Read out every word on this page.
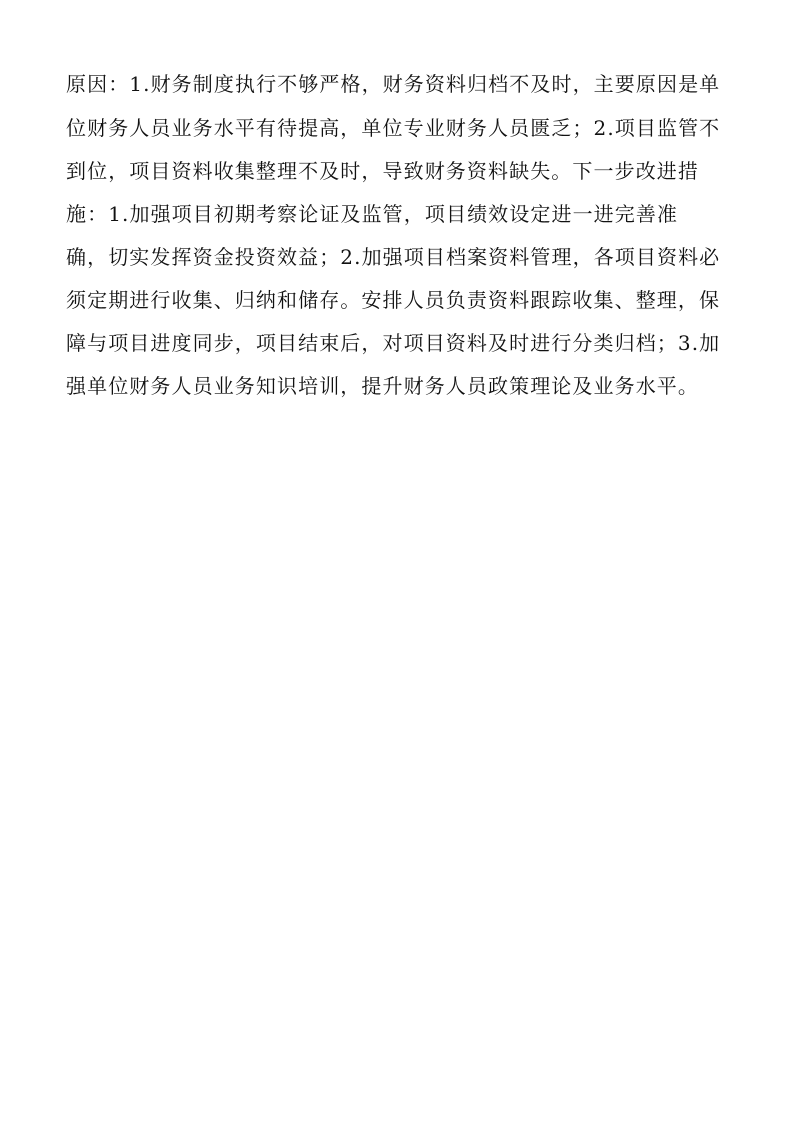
原因：1.财务制度执行不够严格，财务资料归档不及时，主要原因是单
位财务人员业务水平有待提高，单位专业财务人员匮乏；2.项目监管不
到位，项目资料收集整理不及时，导致财务资料缺失。下一步改进措
施：1.加强项目初期考察论证及监管，项目绩效设定进一进完善准
确，切实发挥资金投资效益；2.加强项目档案资料管理，各项目资料必
须定期进行收集、归纳和储存。安排人员负责资料跟踪收集、整理，保
障与项目进度同步，项目结束后，对项目资料及时进行分类归档；3.加
强单位财务人员业务知识培训，提升财务人员政策理论及业务水平。
